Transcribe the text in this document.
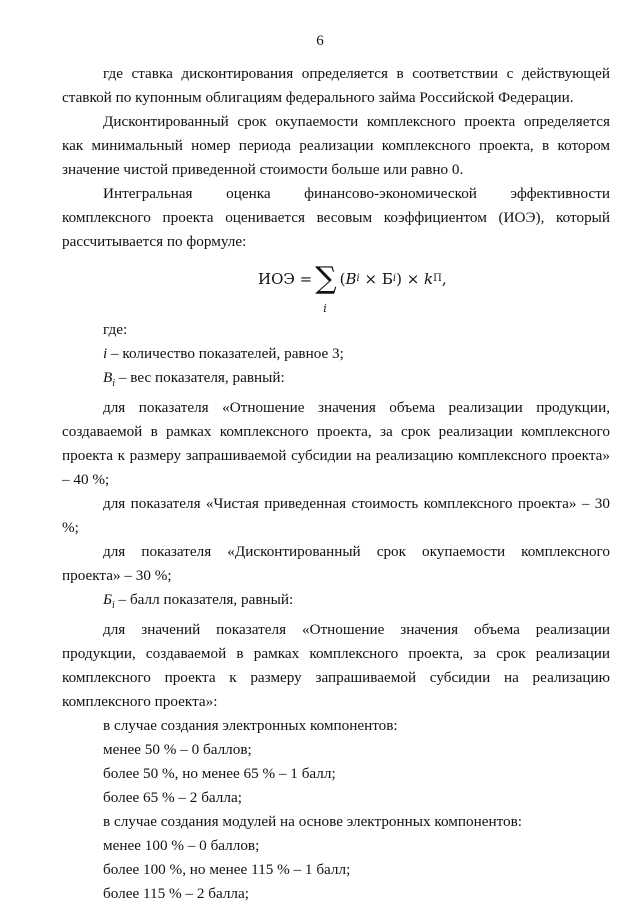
6

где ставка дисконтирования определяется в соответствии с действующей ставкой по купонным облигациям федерального займа Российской Федерации.

Дисконтированный срок окупаемости комплексного проекта определяется как минимальный номер периода реализации комплексного проекта, в котором значение чистой приведенной стоимости больше или равно 0.

Интегральная оценка финансово-экономической эффективности комплексного проекта оценивается весовым коэффициентом (ИОЭ), который рассчитывается по формуле:

ИОЭ = ∑
i
( B i × Б i ) × k П ,

где:

i – количество показателей, равное 3;

$B_i$ – вес показателя, равный:

для показателя «Отношение значения объема реализации продукции, создаваемой в рамках комплексного проекта, за срок реализации комплексного проекта к размеру запрашиваемой субсидии на реализацию комплексного проекта» – 40 %;

для показателя «Чистая приведенная стоимость комплексного проекта» – 30 %;

для показателя «Дисконтированный срок окупаемости комплексного проекта» – 30 %;

$Б_i$ – балл показателя, равный:

для значений показателя «Отношение значения объема реализации продукции, создаваемой в рамках комплексного проекта, за срок реализации комплексного проекта к размеру запрашиваемой субсидии на реализацию комплексного проекта»:

в случае создания электронных компонентов:

менее 50 % – 0 баллов;

более 50 %, но менее 65 % – 1 балл;

более 65 % – 2 балла;

в случае создания модулей на основе электронных компонентов:

менее 100 % – 0 баллов;

более 100 %, но менее 115 % – 1 балл;

более 115 % – 2 балла;
